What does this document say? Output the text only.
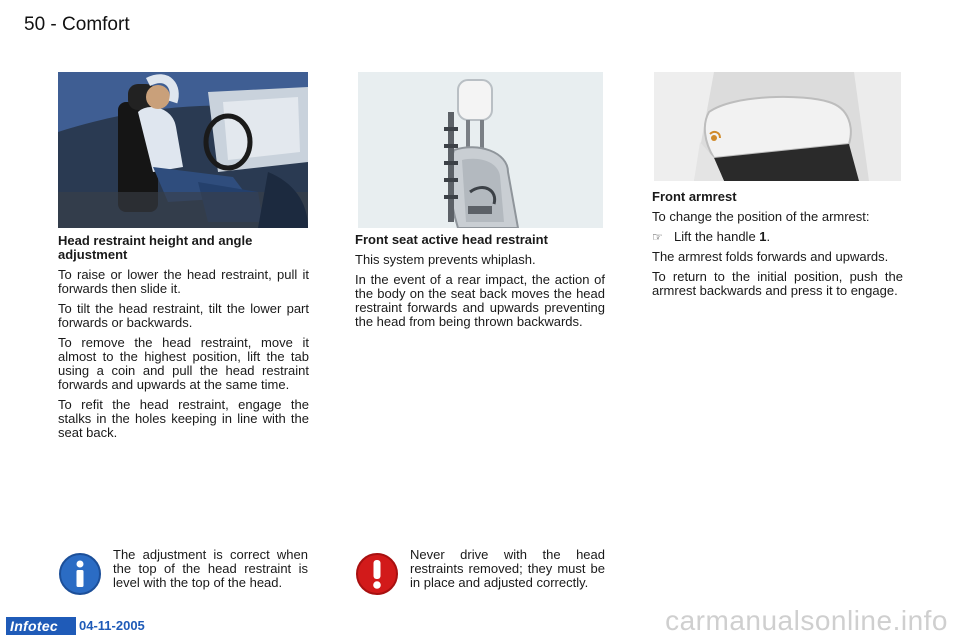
50 - Comfort
Head restraint height and angle adjustment

To raise or lower the head restraint, pull it forwards then slide it.

To tilt the head restraint, tilt the lower part forwards or backwards.

To remove the head restraint, move it almost to the highest position, lift the tab using a coin and pull the head restraint forwards and upwards at the same time.

To refit the head restraint, engage the stalks in the holes keeping in line with the seat back.

Front seat active head restraint

This system prevents whiplash.

In the event of a rear impact, the action of the body on the seat back moves the head restraint forwards and upwards preventing the head from being thrown backwards.

Front armrest

To change the position of the armrest:

☞ Lift the handle 1.

The armrest folds forwards and upwards.

To return to the initial position, push the armrest backwards and press it to engage.

The adjustment is correct when the top of the head restraint is level with the top of the head.
Never drive with the head restraints removed; they must be in place and adjusted correctly.
Infotec	04-11-2005	carmanualsonline.info
